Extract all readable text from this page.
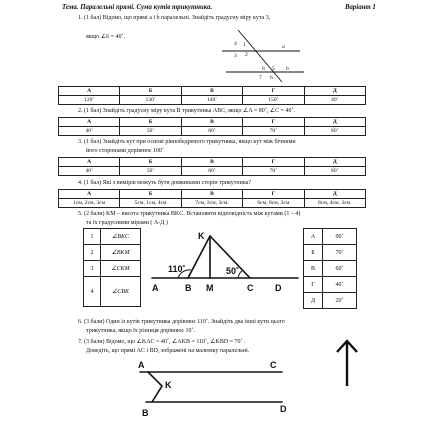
Тема. Паралельні прямі. Сума кутів трикутника.	Варіант 1
1. (1 бал) Відомо, що прямі a і b паралельні. Знайдіть градусну міру кута 3,
якщо ∠6 = 40˚.
a
b
1
4
3 2
8 5
7 6
А	Б	В	Г	Д
120˚	130˚	140˚	150˚	40˚
2. (1 бал) Знайдіть градусну міру кута B трикутника ABC, якщо ∠A = 80˚, ∠C = 40˚.
А	Б	В	Г	Д
40˚	50˚	60˚	70˚	80˚
3. (1 бал) Знайдіть кут при основі рівнобедреного трикутника, якщо кут між бічними
його сторонами дорівнює 100˚
А	Б	В	Г	Д
40˚	50˚	60˚	70˚	80˚
4. (1 бал) Які з вимірів можуть бути довжинами сторін трикутника?
А	Б	В	Г	Д
1см, 2см, 3см	5см, 1см, 4см	7см, 2см, 3см.	6см, 8см, 3см	8см, 4см, 3см.
5. (2 бали) KM – висота трикутника BKC. Встановити відповідність між кутами (1 – 4)
та їх градусними мірами ( А-Д )
1	∠BKC
2	∠BKM
3	∠CKM
4	∠CBK
А	90˚
Б	70˚
В	60˚
Г	40˚
Д	20˚
K
A	B M	C D
110˚	50˚
6. (3 бали) Один із кутів трикутника дорівнює 110˚. Знайдіть два інші кути цього
трикутника, якщо їх різниця дорівнює 10˚.
7. (3 бали) Відомо, що ∠KAC = 40˚, ∠AKB = 110˚, ∠KBD = 70˚ .
Доведіть, що прямі AC і BD, зображені на малюнку паралельні.
A	C
K
B	D
